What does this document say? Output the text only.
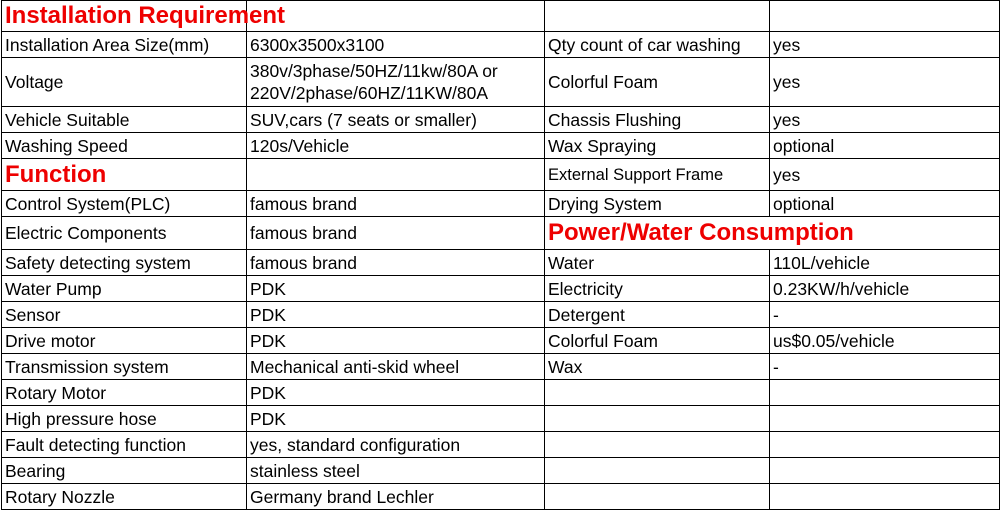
Installation Requirement			
Installation Area Size(mm)	6300x3500x3100	Qty count of car washing	yes
Voltage	380v/3phase/50HZ/11kw/80A or 220V/2phase/60HZ/11KW/80A	Colorful Foam	yes
Vehicle Suitable	SUV,cars (7 seats or smaller)	Chassis Flushing	yes
Washing Speed	120s/Vehicle	Wax Spraying	optional
Function		External Support Frame	yes
Control System(PLC)	famous brand	Drying System	optional
Electric Components	famous brand	Power/Water Consumption	
Safety detecting system	famous brand	Water	110L/vehicle
Water Pump	PDK	Electricity	0.23KW/h/vehicle
Sensor	PDK	Detergent	-
Drive motor	PDK	Colorful Foam	us$0.05/vehicle
Transmission system	Mechanical anti-skid wheel	Wax	-
Rotary Motor	PDK		
High pressure hose	PDK		
Fault detecting function	yes, standard configuration		
Bearing	stainless steel		
Rotary Nozzle	Germany brand Lechler		
